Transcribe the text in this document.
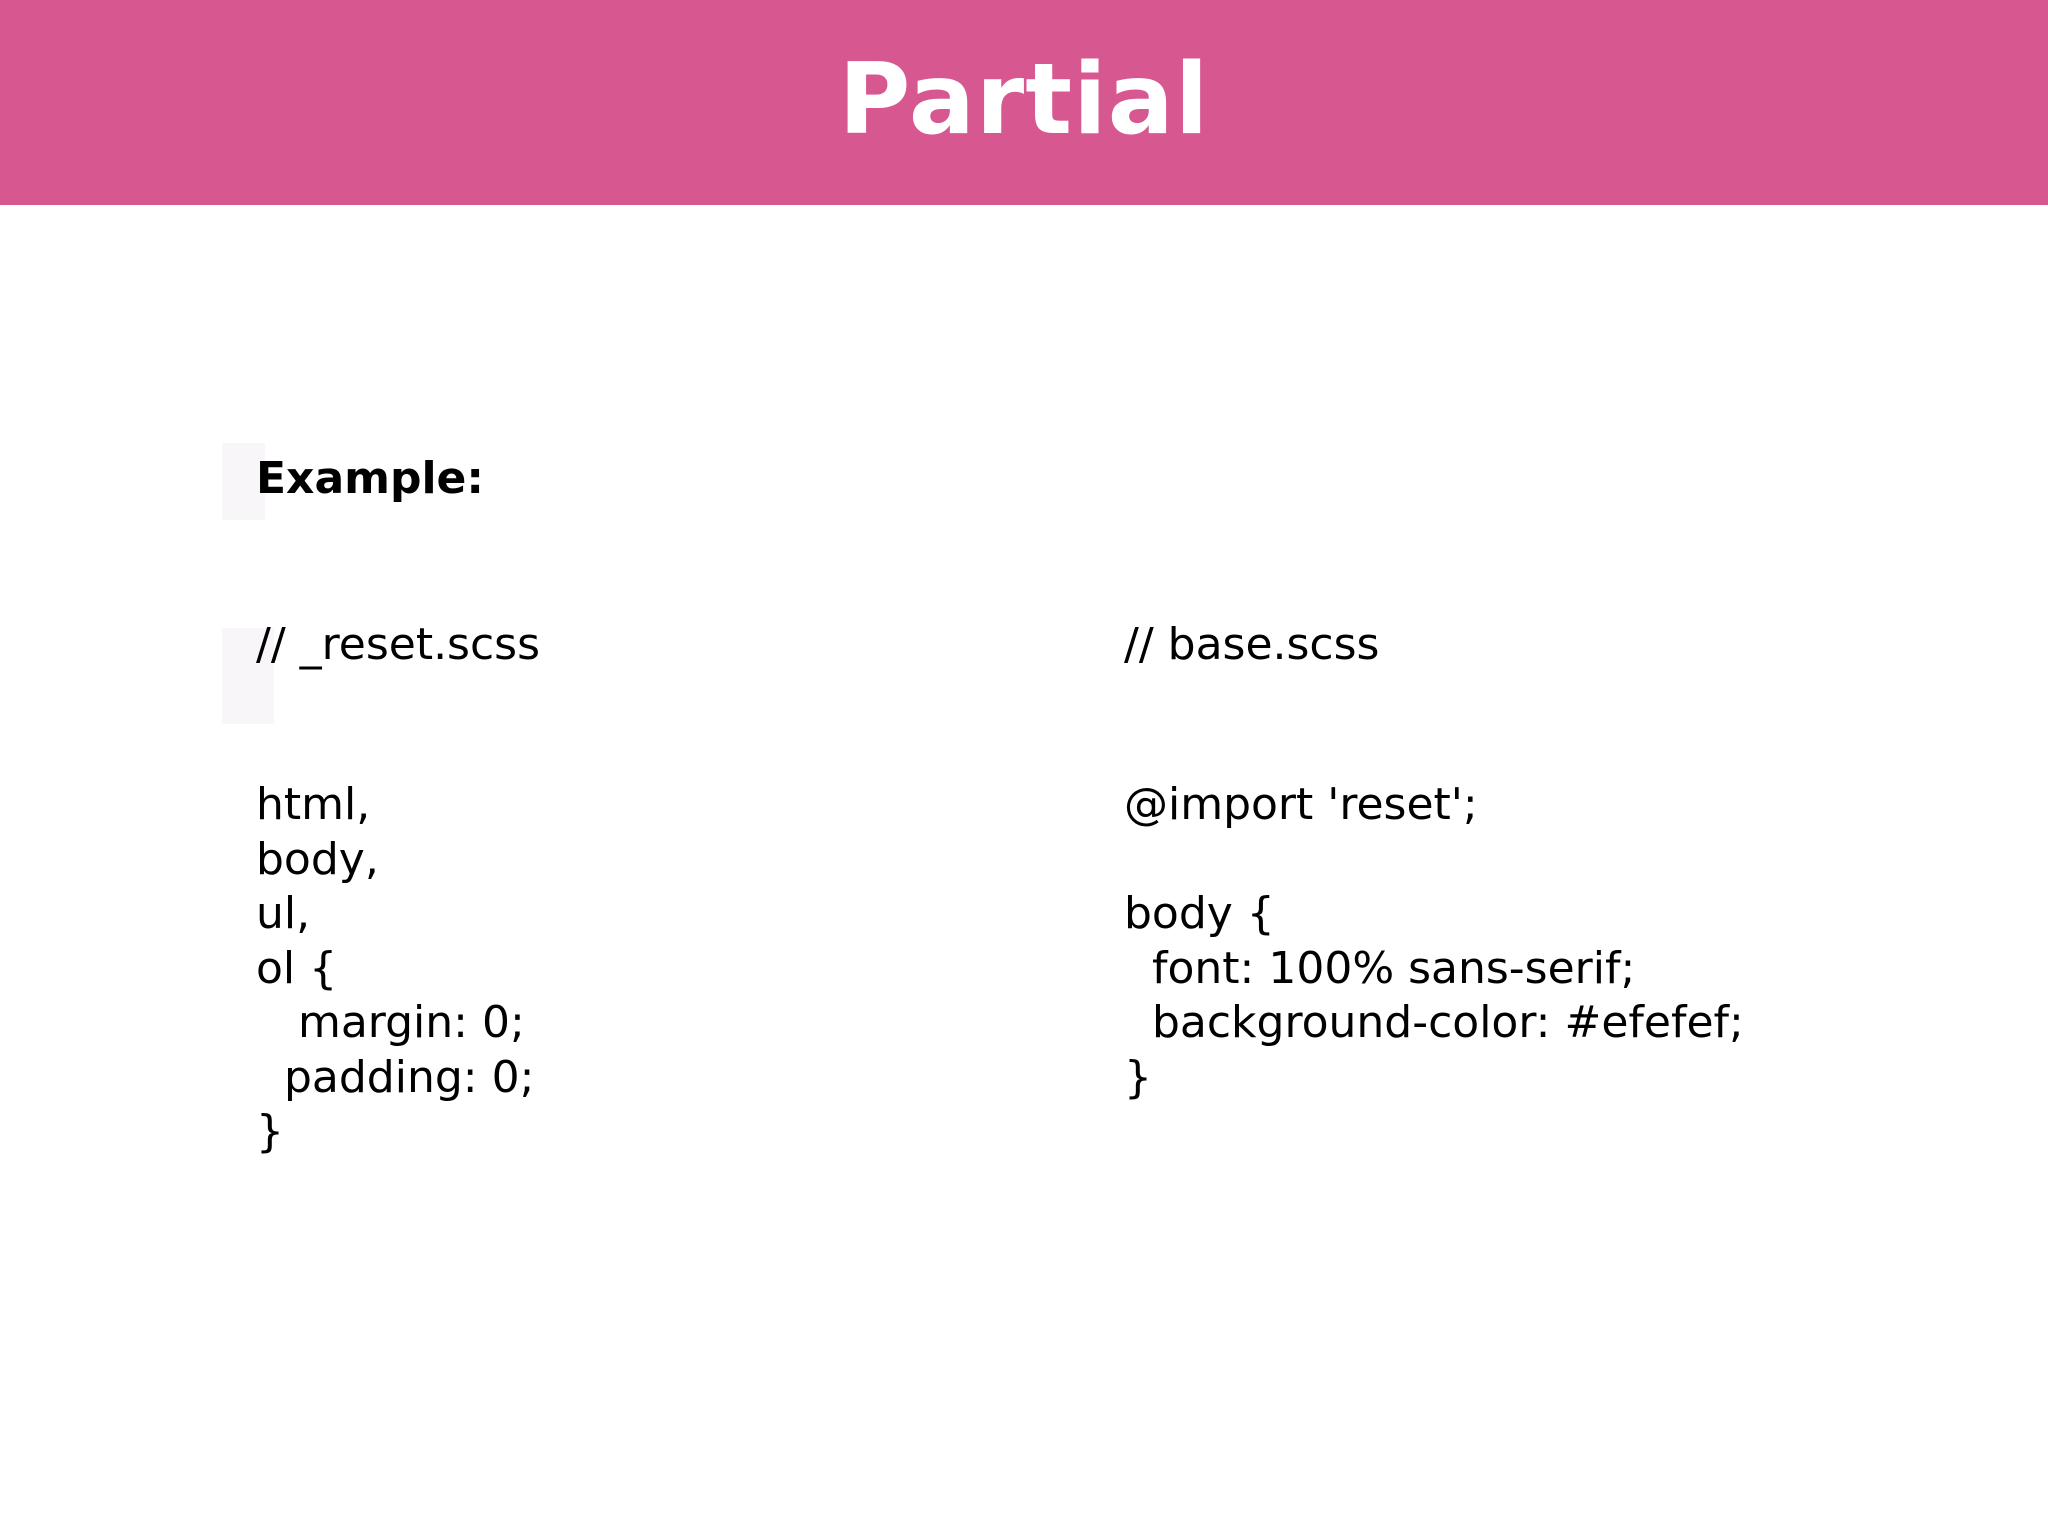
Partial
Example:
// _reset.scss	// base.scss
html,
body,
ul,
ol {
margin: 0;
padding: 0;
}
@import 'reset';

body {
font: 100% sans-serif;
background-color: #efefef;
}
